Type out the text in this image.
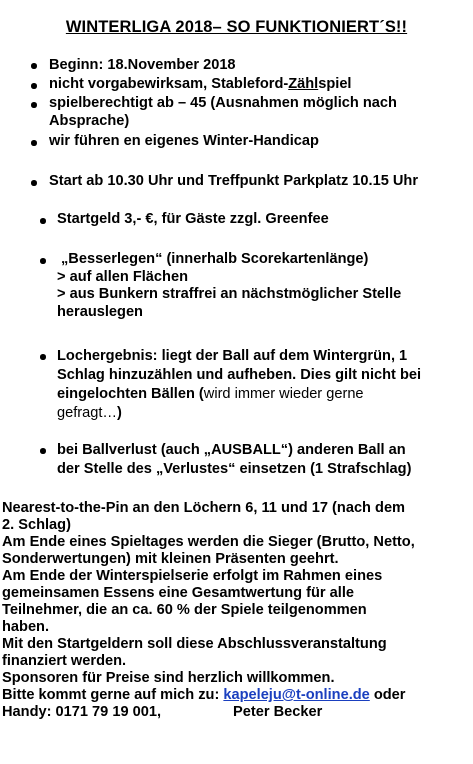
WINTERLIGA 2018– SO FUNKTIONIERT´S!!
Beginn: 18.November 2018
nicht vorgabewirksam, Stableford-Zählspiel
spielberechtigt ab – 45 (Ausnahmen möglich nach
Absprache)
wir führen en eigenes Winter-Handicap
Start ab 10.30 Uhr und Treffpunkt Parkplatz 10.15 Uhr
Startgeld 3,- €, für Gäste zzgl. Greenfee
„Besserlegen“ (innerhalb Scorekartenlänge)
> auf allen Flächen
> aus Bunkern straffrei an nächstmöglicher Stelle
herauslegen
Lochergebnis: liegt der Ball auf dem Wintergrün, 1
Schlag hinzuzählen und aufheben. Dies gilt nicht bei
eingelochten Bällen (wird immer wieder gerne
gefragt…)
bei Ballverlust (auch „AUSBALL“) anderen Ball an
der Stelle des „Verlustes“ einsetzen (1 Strafschlag)
Nearest-to-the-Pin an den Löchern 6, 11 und 17 (nach dem
2. Schlag)
Am Ende eines Spieltages werden die Sieger (Brutto, Netto,
Sonderwertungen) mit kleinen Präsenten geehrt.
Am Ende der Winterspielserie erfolgt im Rahmen eines
gemeinsamen Essens eine Gesamtwertung für alle
Teilnehmer, die an ca. 60 % der Spiele teilgenommen
haben.
Mit den Startgeldern soll diese Abschlussveranstaltung
finanziert werden.
Sponsoren für Preise sind herzlich willkommen.
Bitte kommt gerne auf mich zu: kapeleju@t-online.de oder
Handy: 0171 79 19 001,	Peter Becker
